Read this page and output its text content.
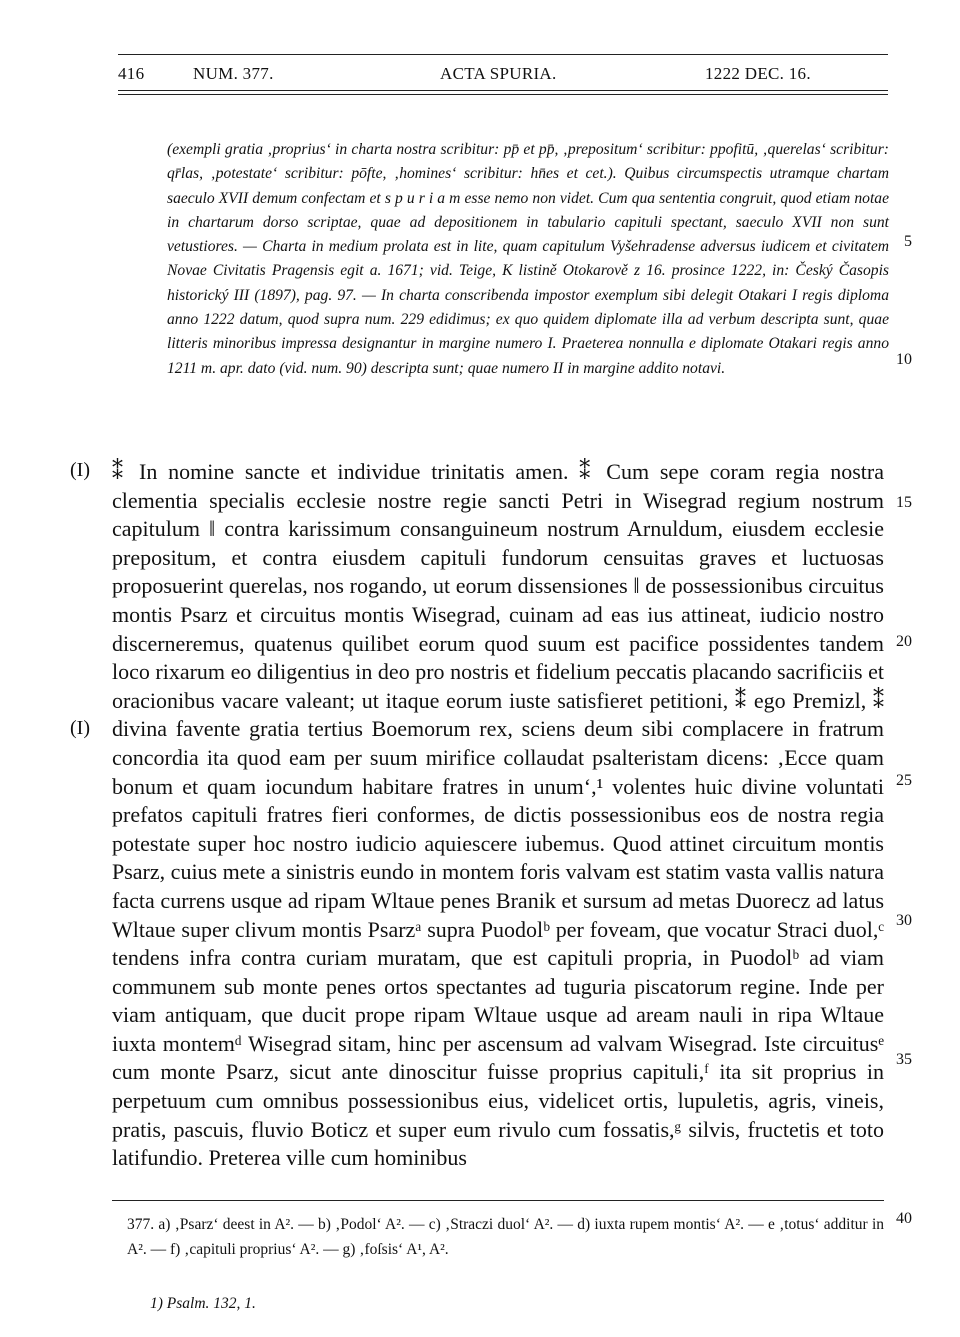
416	NUM. 377.	ACTA SPURIA.	1222 DEC. 16.

(exempli gratia ‚proprius‘ in charta nostra scribitur: pp̄ et pp̄, ‚prepositum‘ scribitur: ppofitū, ‚querelas‘ scribitur: qr̄las, ‚potestate‘ scribitur: pōfte, ‚homines‘ scribitur: hn̄es et cet.). Quibus circumspectis utramque chartam saeculo XVII demum confectam et s p u r i a m esse nemo non videt. Cum qua sententia congruit, quod etiam notae in chartarum dorso scriptae, quae ad depositionem in tabulario capituli spectant, saeculo XVII non sunt vetustiores. — Charta in medium prolata est in lite, quam capitulum Vyšehradense adversus iudicem et civitatem Novae Civitatis Pragensis egit a. 1671; vid. Teige, K listině Otokarově z 16. prosince 1222, in: Český Časopis historický III (1897), pag. 97. — In charta conscribenda impostor exemplum sibi delegit Otakari I regis diploma anno 1222 datum, quod supra num. 229 edidimus; ex quo quidem diplomate illa ad verbum descripta sunt, quae litteris minoribus impressa designantur in margine numero I. Praeterea nonnulla e diplomate Otakari regis anno 1211 m. apr. dato (vid. num. 90) descripta sunt; quae numero II in margine addito notavi.

(I)
(I)

⁑ In nomine sancte et individue trinitatis amen. ⁑ Cum sepe coram regia nostra clementia specialis ecclesie nostre regie sancti Petri in Wisegrad regium nostrum capitulum ‖ contra karissimum consanguineum nostrum Arnuldum, eiusdem ecclesie prepositum, et contra eiusdem capituli fundorum censuitas graves et luctuosas proposuerint querelas, nos rogando, ut eorum dissensiones ‖ de possessionibus circuitus montis Psarz et circuitus montis Wisegrad, cuinam ad eas ius attineat, iudicio nostro discerneremus, quatenus quilibet eorum quod suum est pacifice possidentes tandem loco rixarum eo diligentius in deo pro nostris et fidelium peccatis placando sacrificiis et oracionibus vacare valeant; ut itaque eorum iuste satisfieret petitioni, ⁑ ego Premizl, ⁑ divina favente gratia tertius Boemorum rex, sciens deum sibi complacere in fratrum concordia ita quod eam per suum mirifice collaudat psalteristam dicens: ‚Ecce quam bonum et quam iocundum habitare fratres in unum‘,¹ volentes huic divine voluntati prefatos capituli fratres fieri conformes, de dictis possessionibus eos de nostra regia potestate super hoc nostro iudicio aquiescere iubemus. Quod attinet circuitum montis Psarz, cuius mete a sinistris eundo in montem foris valvam est statim vasta vallis natura facta currens usque ad ripam Wltaue penes Branik et sursum ad metas Duorecz ad latus Wltaue super clivum montis Psarzᵃ supra Puodolᵇ per foveam, que vocatur Straci duol,ᶜ tendens infra contra curiam muratam, que est capituli propria, in Puodolᵇ ad viam communem sub monte penes ortos spectantes ad tuguria piscatorum regine. Inde per viam antiquam, que ducit prope ripam Wltaue usque ad aream nauli in ripa Wltaue iuxta montemᵈ Wisegrad sitam, hinc per ascensum ad valvam Wisegrad. Iste circuitusᵉ cum monte Psarz, sicut ante dinoscitur fuisse proprius capituli,ᶠ ita sit proprius in perpetuum cum omnibus possessionibus eius, videlicet ortis, lupuletis, agris, vineis, pratis, pascuis, fluvio Boticz et super eum rivulo cum fossatis,ᵍ silvis, fructetis et toto latifundio. Preterea ville cum hominibus

5
10
15
20
25
30
35
40

377. a) ‚Psarz‘ deest in A². — b) ‚Podol‘ A². — c) ‚Straczi duol‘ A². — d) iuxta rupem montis‘ A². — e ‚totus‘ additur in A². — f) ‚capituli proprius‘ A². — g) ‚foſsis‘ A¹, A².

1) Psalm. 132, 1.
